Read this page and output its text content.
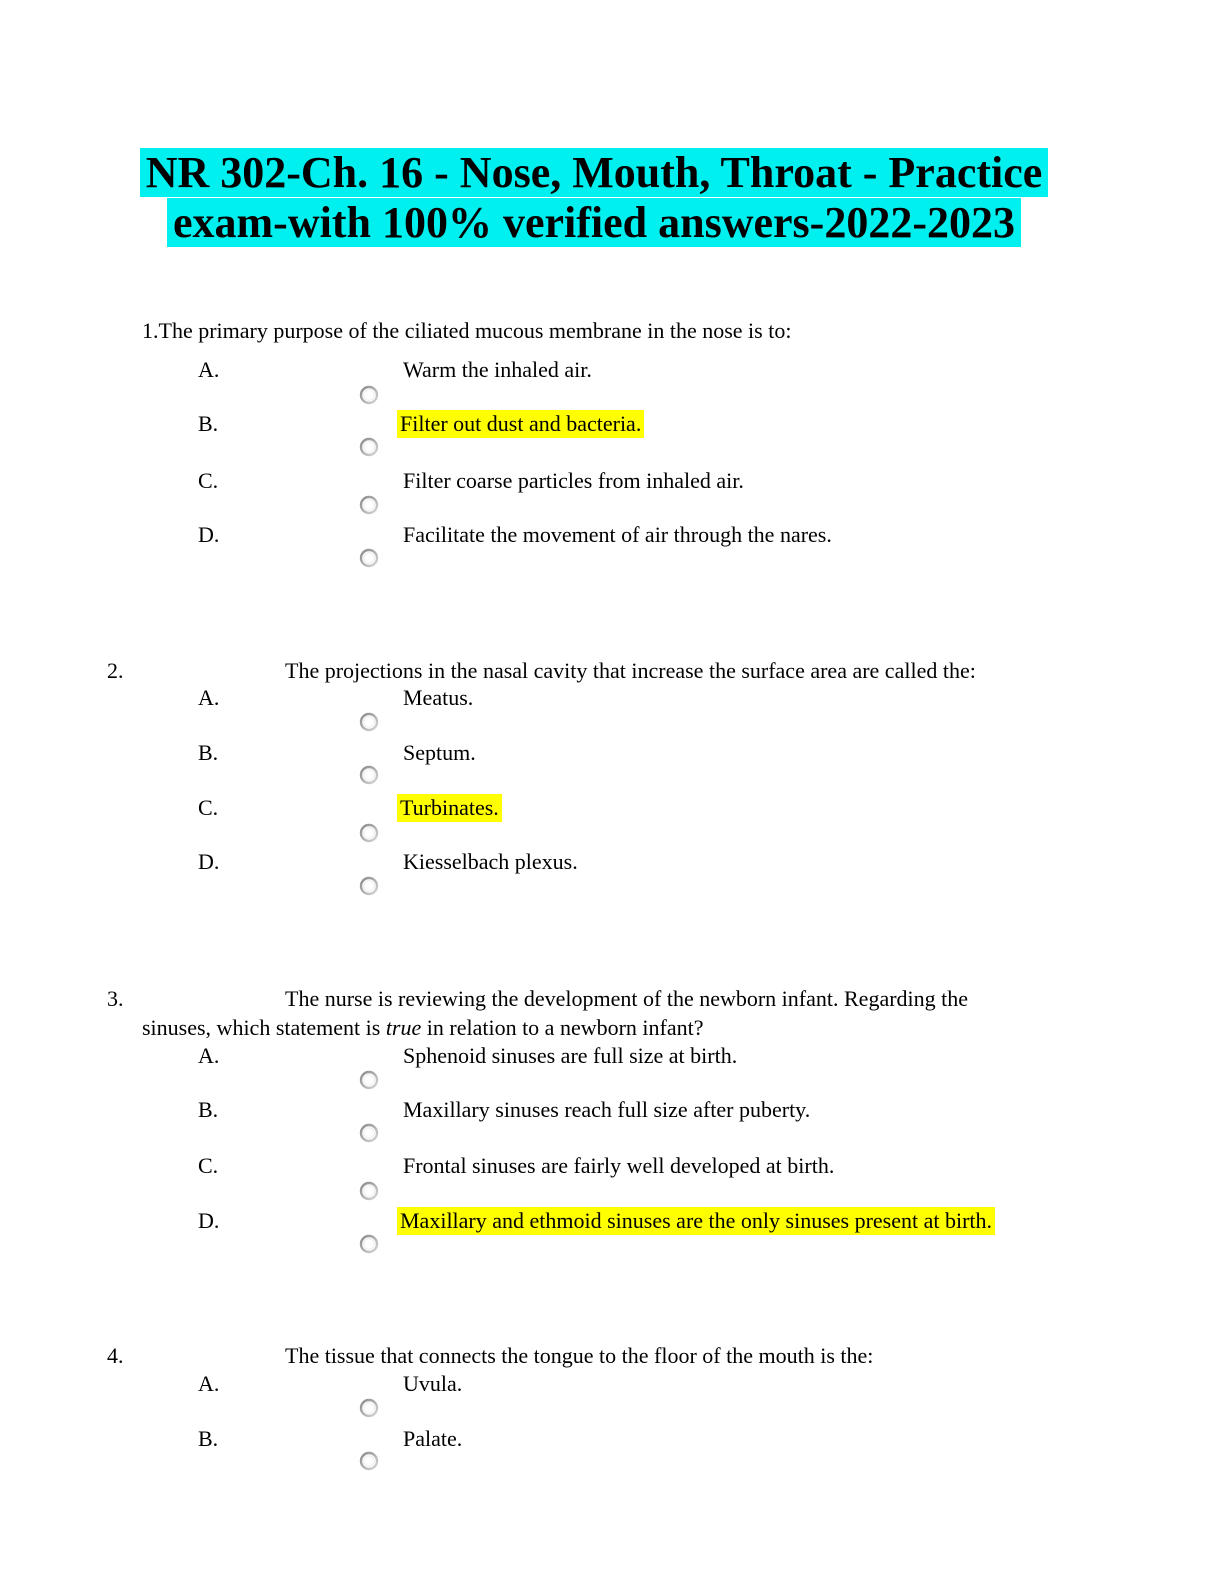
NR 302-Ch. 16 - Nose, Mouth, Throat - Practice
exam-with 100% verified answers-2022-2023
1.The primary purpose of the ciliated mucous membrane in the nose is to:
A.	Warm the inhaled air.
B.	Filter out dust and bacteria.
C.	Filter coarse particles from inhaled air.
D.	Facilitate the movement of air through the nares.
2.	The projections in the nasal cavity that increase the surface area are called the:
A.	Meatus.
B.	Septum.
C.	Turbinates.
D.	Kiesselbach plexus.
3.	The nurse is reviewing the development of the newborn infant. Regarding the
sinuses, which statement is true in relation to a newborn infant?
A.	Sphenoid sinuses are full size at birth.
B.	Maxillary sinuses reach full size after puberty.
C.	Frontal sinuses are fairly well developed at birth.
D.	Maxillary and ethmoid sinuses are the only sinuses present at birth.
4.	The tissue that connects the tongue to the floor of the mouth is the:
A.	Uvula.
B.	Palate.
